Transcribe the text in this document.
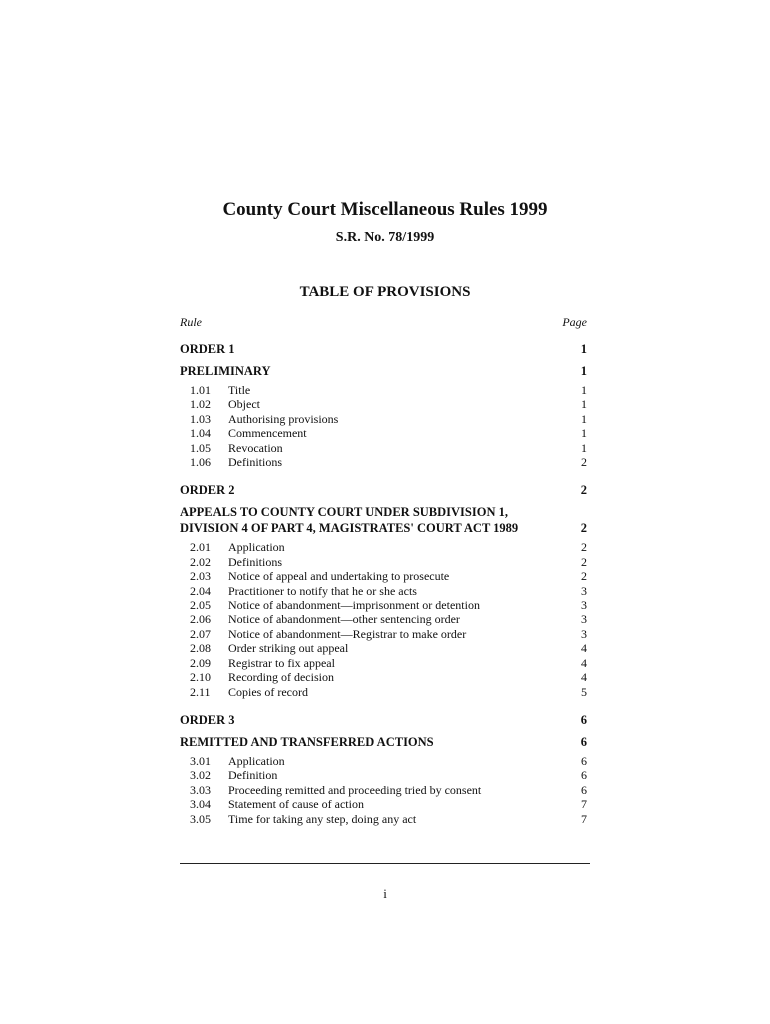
County Court Miscellaneous Rules 1999
S.R. No. 78/1999
TABLE OF PROVISIONS
Rule	Page
ORDER 1	1
PRELIMINARY	1
1.01	Title	1
1.02	Object	1
1.03	Authorising provisions	1
1.04	Commencement	1
1.05	Revocation	1
1.06	Definitions	2
ORDER 2	2
APPEALS TO COUNTY COURT UNDER SUBDIVISION 1, DIVISION 4 OF PART 4, MAGISTRATES' COURT ACT 1989	2
2.01	Application	2
2.02	Definitions	2
2.03	Notice of appeal and undertaking to prosecute	2
2.04	Practitioner to notify that he or she acts	3
2.05	Notice of abandonment—imprisonment or detention	3
2.06	Notice of abandonment—other sentencing order	3
2.07	Notice of abandonment—Registrar to make order	3
2.08	Order striking out appeal	4
2.09	Registrar to fix appeal	4
2.10	Recording of decision	4
2.11	Copies of record	5
ORDER 3	6
REMITTED AND TRANSFERRED ACTIONS	6
3.01	Application	6
3.02	Definition	6
3.03	Proceeding remitted and proceeding tried by consent	6
3.04	Statement of cause of action	7
3.05	Time for taking any step, doing any act	7
i
